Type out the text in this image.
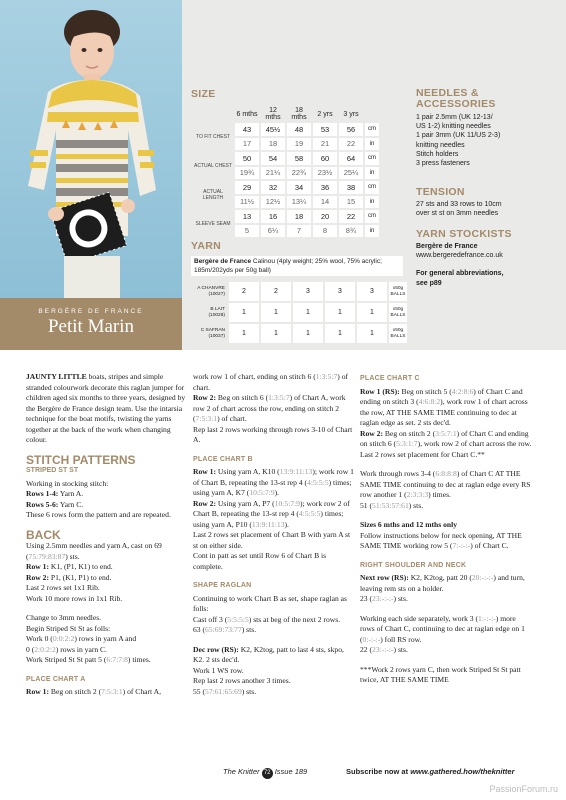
BERGÈRE DE FRANCE
Petit Marin
SIZE
	6 mths	12 mths	18 mths	2 yrs	3 yrs	
TO FIT CHEST	43	45½	48	53	56	cm
	17	18	19	21	22	in
ACTUAL CHEST	50	54	58	60	64	cm
	19¾	21¼	22¾	23½	25¼	in
ACTUAL LENGTH	29	32	34	36	38	cm
	11½	12½	13¼	14	15	in
SLEEVE SEAM	13	16	18	20	22	cm
	5	6¼	7	8	8¾	in
YARN
Bergère de France Calinou (4ply weight; 25% wool, 75% acrylic; 185m/202yds per 50g ball)
A CHANVRE (10027)	2	2	3	3	3	x50g BALLS
B LAIT (10028)	1	1	1	1	1	x50g BALLS
C SAFRAN (10037)	1	1	1	1	1	x50g BALLS
NEEDLES & ACCESSORIES
1 pair 2.5mm (UK 12-13/
US 1-2) knitting needles
1 pair 3mm (UK 11/US 2-3)
knitting needles
Stitch holders
3 press fasteners
TENSION
27 sts and 33 rows to 10cm
over st st on 3mm needles
YARN STOCKISTS
Bergère de France
www.bergeredefrance.co.uk
For general abbreviations,
see p89

JAUNTY LITTLE boats, stripes and simple stranded colourwork decorate this raglan jumper for children aged six months to three years, designed by the Bergère de France design team. Use the intarsia technique for the boat motifs, twisting the yarns together at the back of the work when changing colour.

STITCH PATTERNS
STRIPED ST ST
Working in stocking stitch:
Rows 1-4: Yarn A.
Rows 5-6: Yarn C.

These 6 rows form the pattern and are repeated.

BACK
Using 2.5mm needles and yarn A, cast on 69 (75:79:83:87) sts.
Row 1: K1, (P1, K1) to end.
Row 2: P1, (K1, P1) to end.
Last 2 rows set 1x1 Rib.

Work 10 more rows in 1x1 Rib.

Change to 3mm needles.
Begin Striped St St as folls:
Work 0 (0:0:2:2) rows in yarn A and
0 (2:0:2:2) rows in yarn C.

Work Striped St St patt 5 (6:7:7:8) times.

PLACE CHART A
Row 1: Beg on stitch 2 (7:5:3:1) of Chart A,
work row 1 of chart, ending on stitch 6 (1:3:5:7) of chart.
Row 2: Beg on stitch 6 (1:3:5:7) of Chart A, work row 2 of chart across the row, ending on stitch 2 (7:5:3:1) of chart.

Rep last 2 rows working through rows 3-10 of Chart A.

PLACE CHART B
Row 1: Using yarn A, K10 (13:9:11:13); work row 1 of Chart B, repeating the 13-st rep 4 (4:5:5:5) times; using yarn A, K7 (10:5:7:9).
Row 2: Using yarn A, P7 (10:5:7:9); work row 2 of Chart B, repeating the 13-st rep 4 (4:5:5:5) times; using yarn A, P10 (13:9:11:13).
Last 2 rows set placement of Chart B with yarn A st st on either side.

Cont in patt as set until Row 6 of Chart B is complete.

SHAPE RAGLAN
Continuing to work Chart B as set, shape raglan as folls:
Cast off 3 (5:5:5:5) sts at beg of the next 2 rows.

63 (65:69:73:77) sts.

Dec row (RS): K2, K2tog, patt to last 4 sts, skpo, K2. 2 sts dec'd.
Work 1 WS row.
Rep last 2 rows another 3 times.
55 (57:61:65:69) sts.
PLACE CHART C
Row 1 (RS): Beg on stitch 5 (4:2:8:6) of Chart C and ending on stitch 3 (4:6:8:2), work row 1 of chart across the row, AT THE SAME TIME continuing to dec at raglan edge as set. 2 sts dec'd.
Row 2: Beg on stitch 2 (3:5:7:1) of Chart C and ending on stitch 6 (5:3:1:7), work row 2 of chart across the row.

Last 2 rows set placement for Chart C.**

Work through rows 3-4 (6:8:8:8) of Chart C AT THE SAME TIME continuing to dec at raglan edge every RS row another 1 (2:3:3:3) times.

51 (51:53:57:61) sts.

Sizes 6 mths and 12 mths only

Follow instructions below for neck opening, AT THE SAME TIME working row 5 (7:-:-:-) of Chart C.

RIGHT SHOULDER AND NECK
Next row (RS): K2, K2tog, patt 20 (20:-:-:-) and turn, leaving rem sts on a holder.

23 (23:-:-:-) sts.

Working each side separately, work 3 (1:-:-:-) more rows of Chart C, continuing to dec at raglan edge on 1 (0:-:-:-) foll RS row.

22 (23:-:-:-) sts.

***Work 2 rows yarn C, then work Striped St St patt twice, AT THE SAME TIME
The Knitter 72 Issue 189	Subscribe now at www.gathered.how/theknitter
PassionForum.ru
